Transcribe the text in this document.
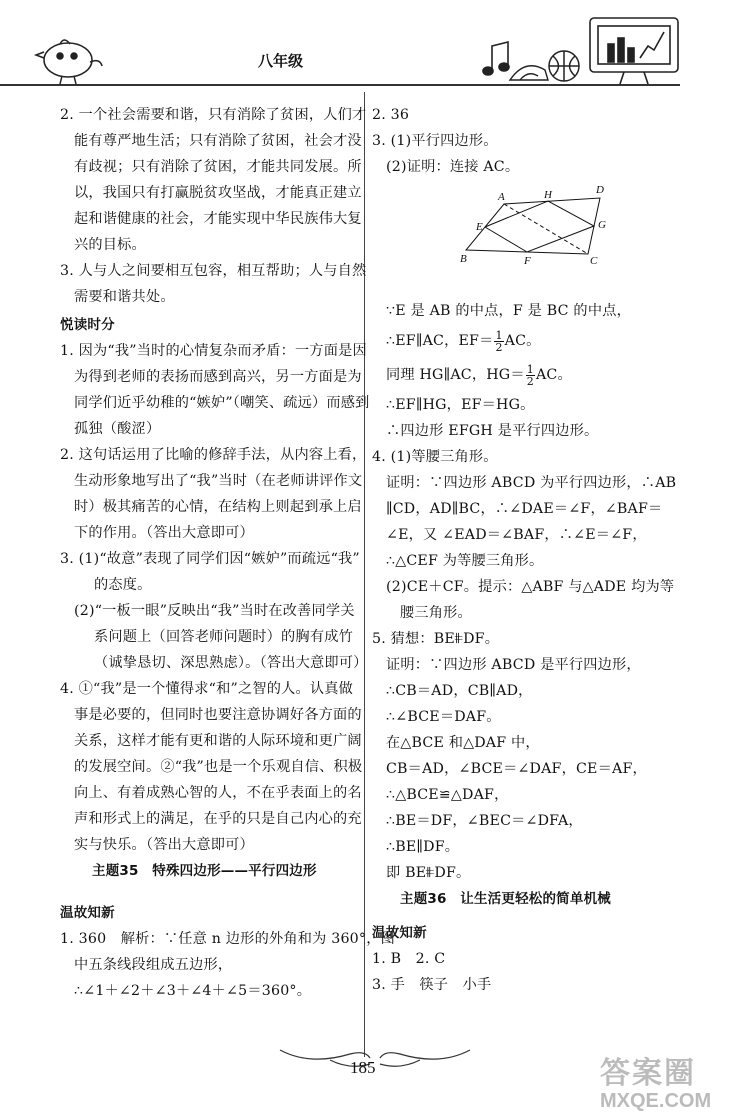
八年级
2. 一个社会需要和谐，只有消除了贫困，人们才
能有尊严地生活；只有消除了贫困，社会才没
有歧视；只有消除了贫困，才能共同发展。所
以，我国只有打赢脱贫攻坚战，才能真正建立
起和谐健康的社会，才能实现中华民族伟大复
兴的目标。
3. 人与人之间要相互包容，相互帮助；人与自然
需要和谐共处。
悦读时分
1. 因为“我”当时的心情复杂而矛盾：一方面是因
为得到老师的表扬而感到高兴，另一方面是为
同学们近乎幼稚的“嫉妒”（嘲笑、疏远）而感到
孤独（酸涩）
2. 这句话运用了比喻的修辞手法，从内容上看，
生动形象地写出了“我”当时（在老师讲评作文
时）极其痛苦的心情，在结构上则起到承上启
下的作用。（答出大意即可）
3. (1)“故意”表现了同学们因“嫉妒”而疏远“我”
的态度。
(2)“一板一眼”反映出“我”当时在改善同学关
系问题上（回答老师问题时）的胸有成竹
（诚挚恳切、深思熟虑）。（答出大意即可）
4. ①“我”是一个懂得求“和”之智的人。认真做
事是必要的，但同时也要注意协调好各方面的
关系，这样才能有更和谐的人际环境和更广阔
的发展空间。②“我”也是一个乐观自信、积极
向上、有着成熟心智的人，不在乎表面上的名
声和形式上的满足，在乎的只是自己内心的充
实与快乐。（答出大意即可）
主题35　特殊四边形——平行四边形
温故知新
1. 360　解析：∵任意 n 边形的外角和为 360°，图
中五条线段组成五边形，
∴∠1＋∠2＋∠3＋∠4＋∠5＝360°。
2. 36
3. (1)平行四边形。
(2)证明：连接 AC。
A
B	C
D
E
F
G
H
∵E 是 AB 的中点，F 是 BC 的中点，
∴EF∥AC，$EF= \frac{1}{2}$ AC。
同理 HG∥AC，$HG= \frac{1}{2}$ AC。
∴EF∥HG，EF＝HG。
∴四边形 EFGH 是平行四边形。
4. (1)等腰三角形。
证明：∵四边形 ABCD 为平行四边形，∴AB
∥CD，AD∥BC，∴∠DAE＝∠F，∠BAF＝
∠E，又 ∠EAD＝∠BAF，∴∠E＝∠F，
∴△CEF 为等腰三角形。
(2)CE＋CF。提示：△ABF 与△ADE 均为等
腰三角形。
5. 猜想：BE∥＝ DF。
证明：∵四边形 ABCD 是平行四边形，
∴CB＝AD，CB∥AD，
∴∠BCE＝DAF。
在△BCE 和△DAF 中，
CB＝AD，∠BCE＝∠DAF，CE＝AF，
∴△BCE≌△DAF，
∴BE＝DF，∠BEC＝∠DFA，
∴BE∥DF。
即 BE∥＝ DF。
主题36　让生活更轻松的简单机械
温故知新
1. B　2. C
3. 手　筷子　小手
185	答案圈
MXQE.COM
